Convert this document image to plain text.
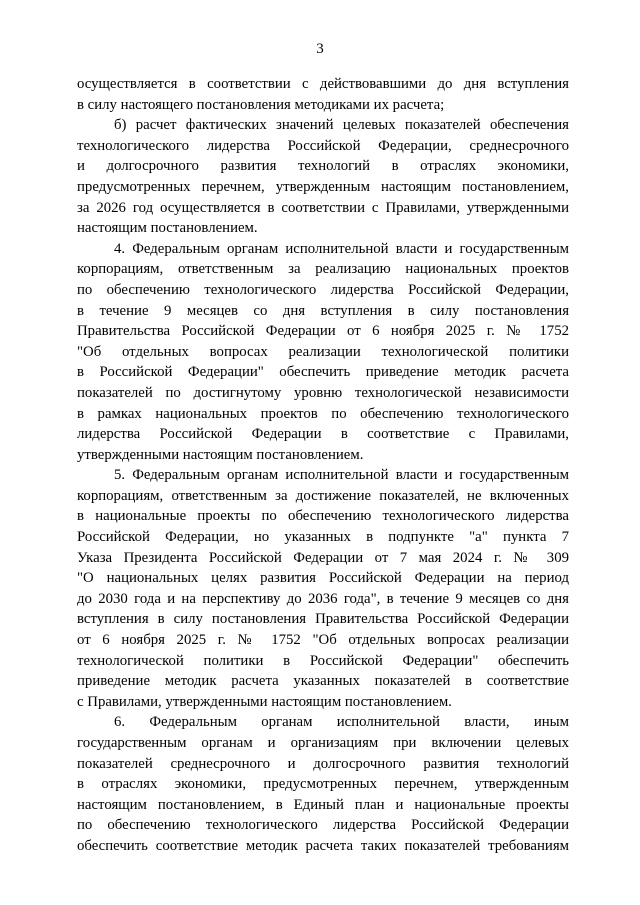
3
осуществляется в соответствии с действовавшими до дня вступления
в силу настоящего постановления методиками их расчета;
б) расчет фактических значений целевых показателей обеспечения
технологического лидерства Российской Федерации, среднесрочного
и долгосрочного развития технологий в отраслях экономики,
предусмотренных перечнем, утвержденным настоящим постановлением,
за 2026 год осуществляется в соответствии с Правилами, утвержденными
настоящим постановлением.
4. Федеральным органам исполнительной власти и государственным
корпорациям, ответственным за реализацию национальных проектов
по обеспечению технологического лидерства Российской Федерации,
в течение 9 месяцев со дня вступления в силу постановления
Правительства Российской Федерации от 6 ноября 2025 г. № 1752
"Об отдельных вопросах реализации технологической политики
в Российской Федерации" обеспечить приведение методик расчета
показателей по достигнутому уровню технологической независимости
в рамках национальных проектов по обеспечению технологического
лидерства Российской Федерации в соответствие с Правилами,
утвержденными настоящим постановлением.
5. Федеральным органам исполнительной власти и государственным
корпорациям, ответственным за достижение показателей, не включенных
в национальные проекты по обеспечению технологического лидерства
Российской Федерации, но указанных в подпункте "а" пункта 7
Указа Президента Российской Федерации от 7 мая 2024 г. № 309
"О национальных целях развития Российской Федерации на период
до 2030 года и на перспективу до 2036 года", в течение 9 месяцев со дня
вступления в силу постановления Правительства Российской Федерации
от 6 ноября 2025 г. № 1752 "Об отдельных вопросах реализации
технологической политики в Российской Федерации" обеспечить
приведение методик расчета указанных показателей в соответствие
с Правилами, утвержденными настоящим постановлением.
6. Федеральным органам исполнительной власти, иным
государственным органам и организациям при включении целевых
показателей среднесрочного и долгосрочного развития технологий
в отраслях экономики, предусмотренных перечнем, утвержденным
настоящим постановлением, в Единый план и национальные проекты
по обеспечению технологического лидерства Российской Федерации
обеспечить соответствие методик расчета таких показателей требованиям
